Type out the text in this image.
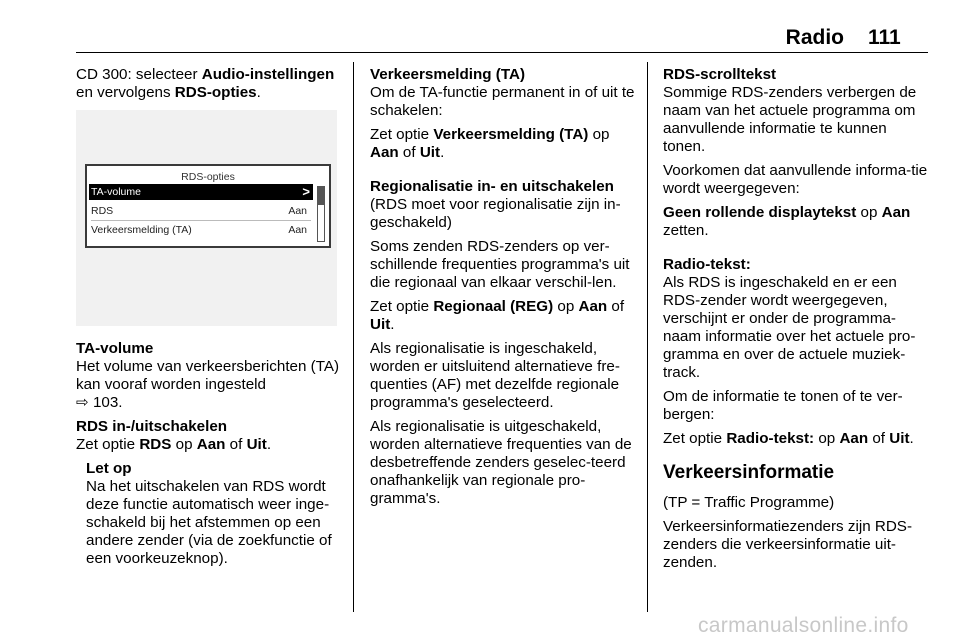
Radio 111

CD 300: selecteer Audio-instellingen en vervolgens RDS-opties.

RDS-opties
TA-volume	>
RDS	Aan
Verkeersmelding (TA)	Aan

TA-volume

Het volume van verkeersberichten (TA) kan vooraf worden ingesteld
⇨ 103.

RDS in-/uitschakelen

Zet optie RDS op Aan of Uit.

Let op

Na het uitschakelen van RDS wordt deze functie automatisch weer inge-schakeld bij het afstemmen op een andere zender (via de zoekfunctie of een voorkeuzeknop).

Verkeersmelding (TA)

Om de TA-functie permanent in of uit te schakelen:

Zet optie Verkeersmelding (TA) op Aan of Uit.

Regionalisatie in- en uitschakelen

(RDS moet voor regionalisatie zijn in-geschakeld)

Soms zenden RDS-zenders op ver-schillende frequenties programma's uit die regionaal van elkaar verschil-len.

Zet optie Regionaal (REG) op Aan of Uit.

Als regionalisatie is ingeschakeld, worden er uitsluitend alternatieve fre-quenties (AF) met dezelfde regionale programma's geselecteerd.

Als regionalisatie is uitgeschakeld, worden alternatieve frequenties van de desbetreffende zenders geselec-teerd onafhankelijk van regionale pro-gramma's.

RDS-scrolltekst

Sommige RDS-zenders verbergen de naam van het actuele programma om aanvullende informatie te kunnen tonen.

Voorkomen dat aanvullende informa-tie wordt weergegeven:

Geen rollende displaytekst op Aan zetten.

Radio-tekst:

Als RDS is ingeschakeld en er een RDS-zender wordt weergegeven, verschijnt er onder de programma-naam informatie over het actuele pro-gramma en over de actuele muziek-track.

Om de informatie te tonen of te ver-bergen:

Zet optie Radio-tekst: op Aan of Uit.

Verkeersinformatie

(TP = Traffic Programme)

Verkeersinformatiezenders zijn RDS-zenders die verkeersinformatie uit-zenden.

carmanualsonline.info
